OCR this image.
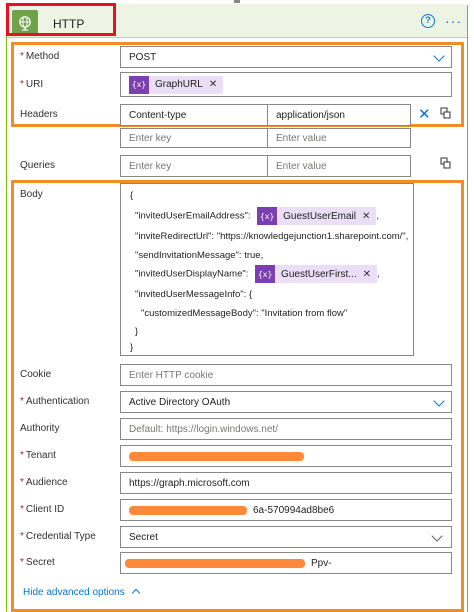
HTTP	?	···
* Method	POST
* URI	{x} GraphURL ✕
Headers	Content-type	application/json	✕
Enter key	Enter value
Queries	Enter key	Enter value
Body	{
"invitedUserEmailAddress":	{x} GuestUserEmail ✕ ,
"inviteRedirectUrl": "https://knowledgejunction1.sharepoint.com/",
"sendInvitationMessage": true,
"invitedUserDisplayName":	{x} GuestUserFirst... ✕ ,
"invitedUserMessageInfo": {
"customizedMessageBody": "Invitation from flow"
}
}
Cookie	Enter HTTP cookie
* Authentication	Active Directory OAuth
Authority	Default: https://login.windows.net/
* Tenant
* Audience	https://graph.microsoft.com
* Client ID	6a-570994ad8be6
* Credential Type	Secret
* Secret	Ppv-
Hide advanced options
